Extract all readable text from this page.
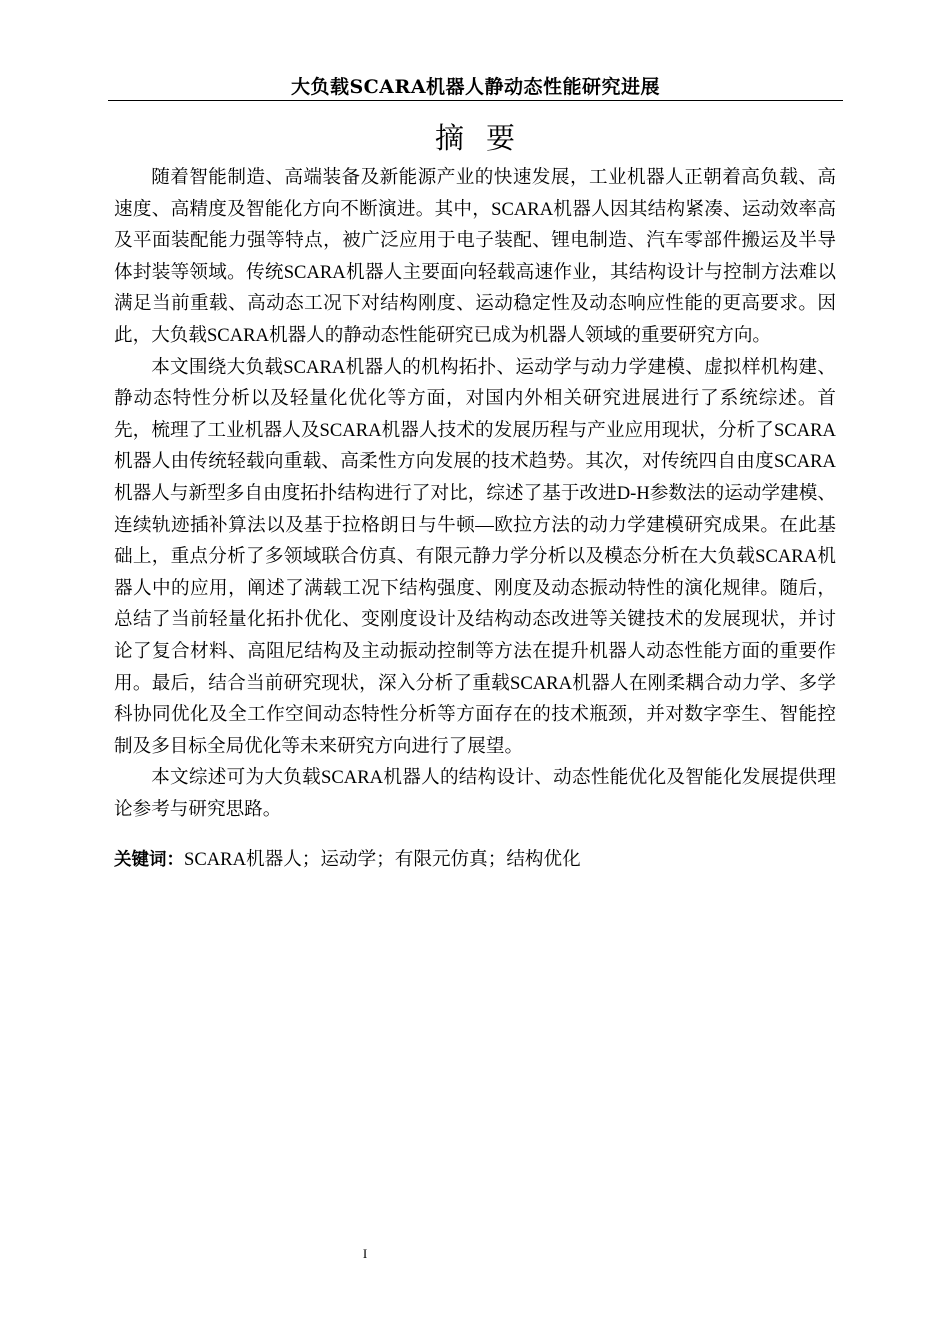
大负载SCARA机器人静动态性能研究进展
摘要

随着智能制造、高端装备及新能源产业的快速发展，工业机器人正朝着高负载、高速度、高精度及智能化方向不断演进。其中，SCARA机器人因其结构紧凑、运动效率高及平面装配能力强等特点，被广泛应用于电子装配、锂电制造、汽车零部件搬运及半导体封装等领域。传统SCARA机器人主要面向轻载高速作业，其结构设计与控制方法难以满足当前重载、高动态工况下对结构刚度、运动稳定性及动态响应性能的更高要求。因此，大负载SCARA机器人的静动态性能研究已成为机器人领域的重要研究方向。

本文围绕大负载SCARA机器人的机构拓扑、运动学与动力学建模、虚拟样机构建、静动态特性分析以及轻量化优化等方面，对国内外相关研究进展进行了系统综述。首先，梳理了工业机器人及SCARA机器人技术的发展历程与产业应用现状，分析了SCARA机器人由传统轻载向重载、高柔性方向发展的技术趋势。其次，对传统四自由度SCARA机器人与新型多自由度拓扑结构进行了对比，综述了基于改进D-H参数法的运动学建模、连续轨迹插补算法以及基于拉格朗日与牛顿—欧拉方法的动力学建模研究成果。在此基础上，重点分析了多领域联合仿真、有限元静力学分析以及模态分析在大负载SCARA机器人中的应用，阐述了满载工况下结构强度、刚度及动态振动特性的演化规律。随后，总结了当前轻量化拓扑优化、变刚度设计及结构动态改进等关键技术的发展现状，并讨论了复合材料、高阻尼结构及主动振动控制等方法在提升机器人动态性能方面的重要作用。最后，结合当前研究现状，深入分析了重载SCARA机器人在刚柔耦合动力学、多学科协同优化及全工作空间动态特性分析等方面存在的技术瓶颈，并对数字孪生、智能控制及多目标全局优化等未来研究方向进行了展望。

本文综述可为大负载SCARA机器人的结构设计、动态性能优化及智能化发展提供理论参考与研究思路。

关键词：SCARA机器人；运动学；有限元仿真；结构优化
I
